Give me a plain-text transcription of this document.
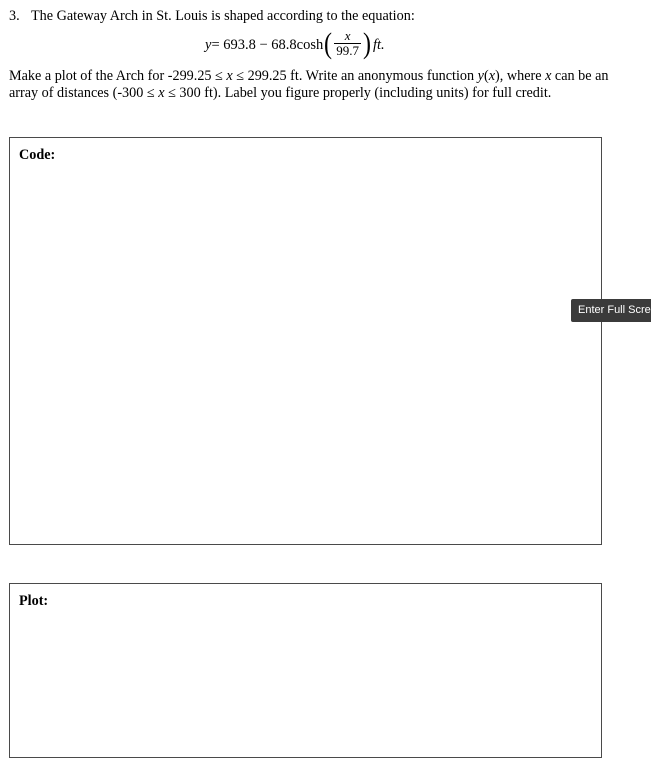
3. The Gateway Arch in St. Louis is shaped according to the equation:
y = 693.8 − 68.8cosh ( $\frac{x}{99.7}$ ) ft.
Make a plot of the Arch for -299.25 ≤ x ≤ 299.25 ft. Write an anonymous function y(x), where x can be an array of distances (-300 ≤ x ≤ 300 ft). Label you figure properly (including units) for full credit.
Code:
Plot:
Enter Full Screen
